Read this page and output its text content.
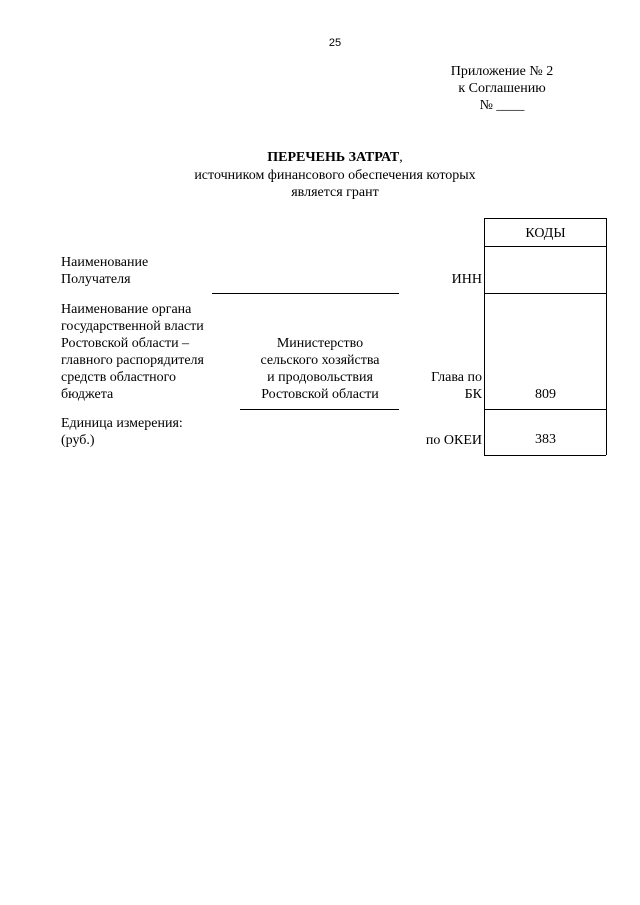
25
Приложение № 2
к Соглашению
№ ____
ПЕРЕЧЕНЬ ЗАТРАТ,
источником финансового обеспечения которых
является грант
КОДЫ
809
383
Наименование
Получателя	ИНН
Наименование органа
государственной власти
Ростовской области –
главного распорядителя
средств областного
бюджета
Министерство
сельского хозяйства
и продовольствия
Ростовской области
Глава по
БК
Единица измерения:
(руб.)	по ОКЕИ
